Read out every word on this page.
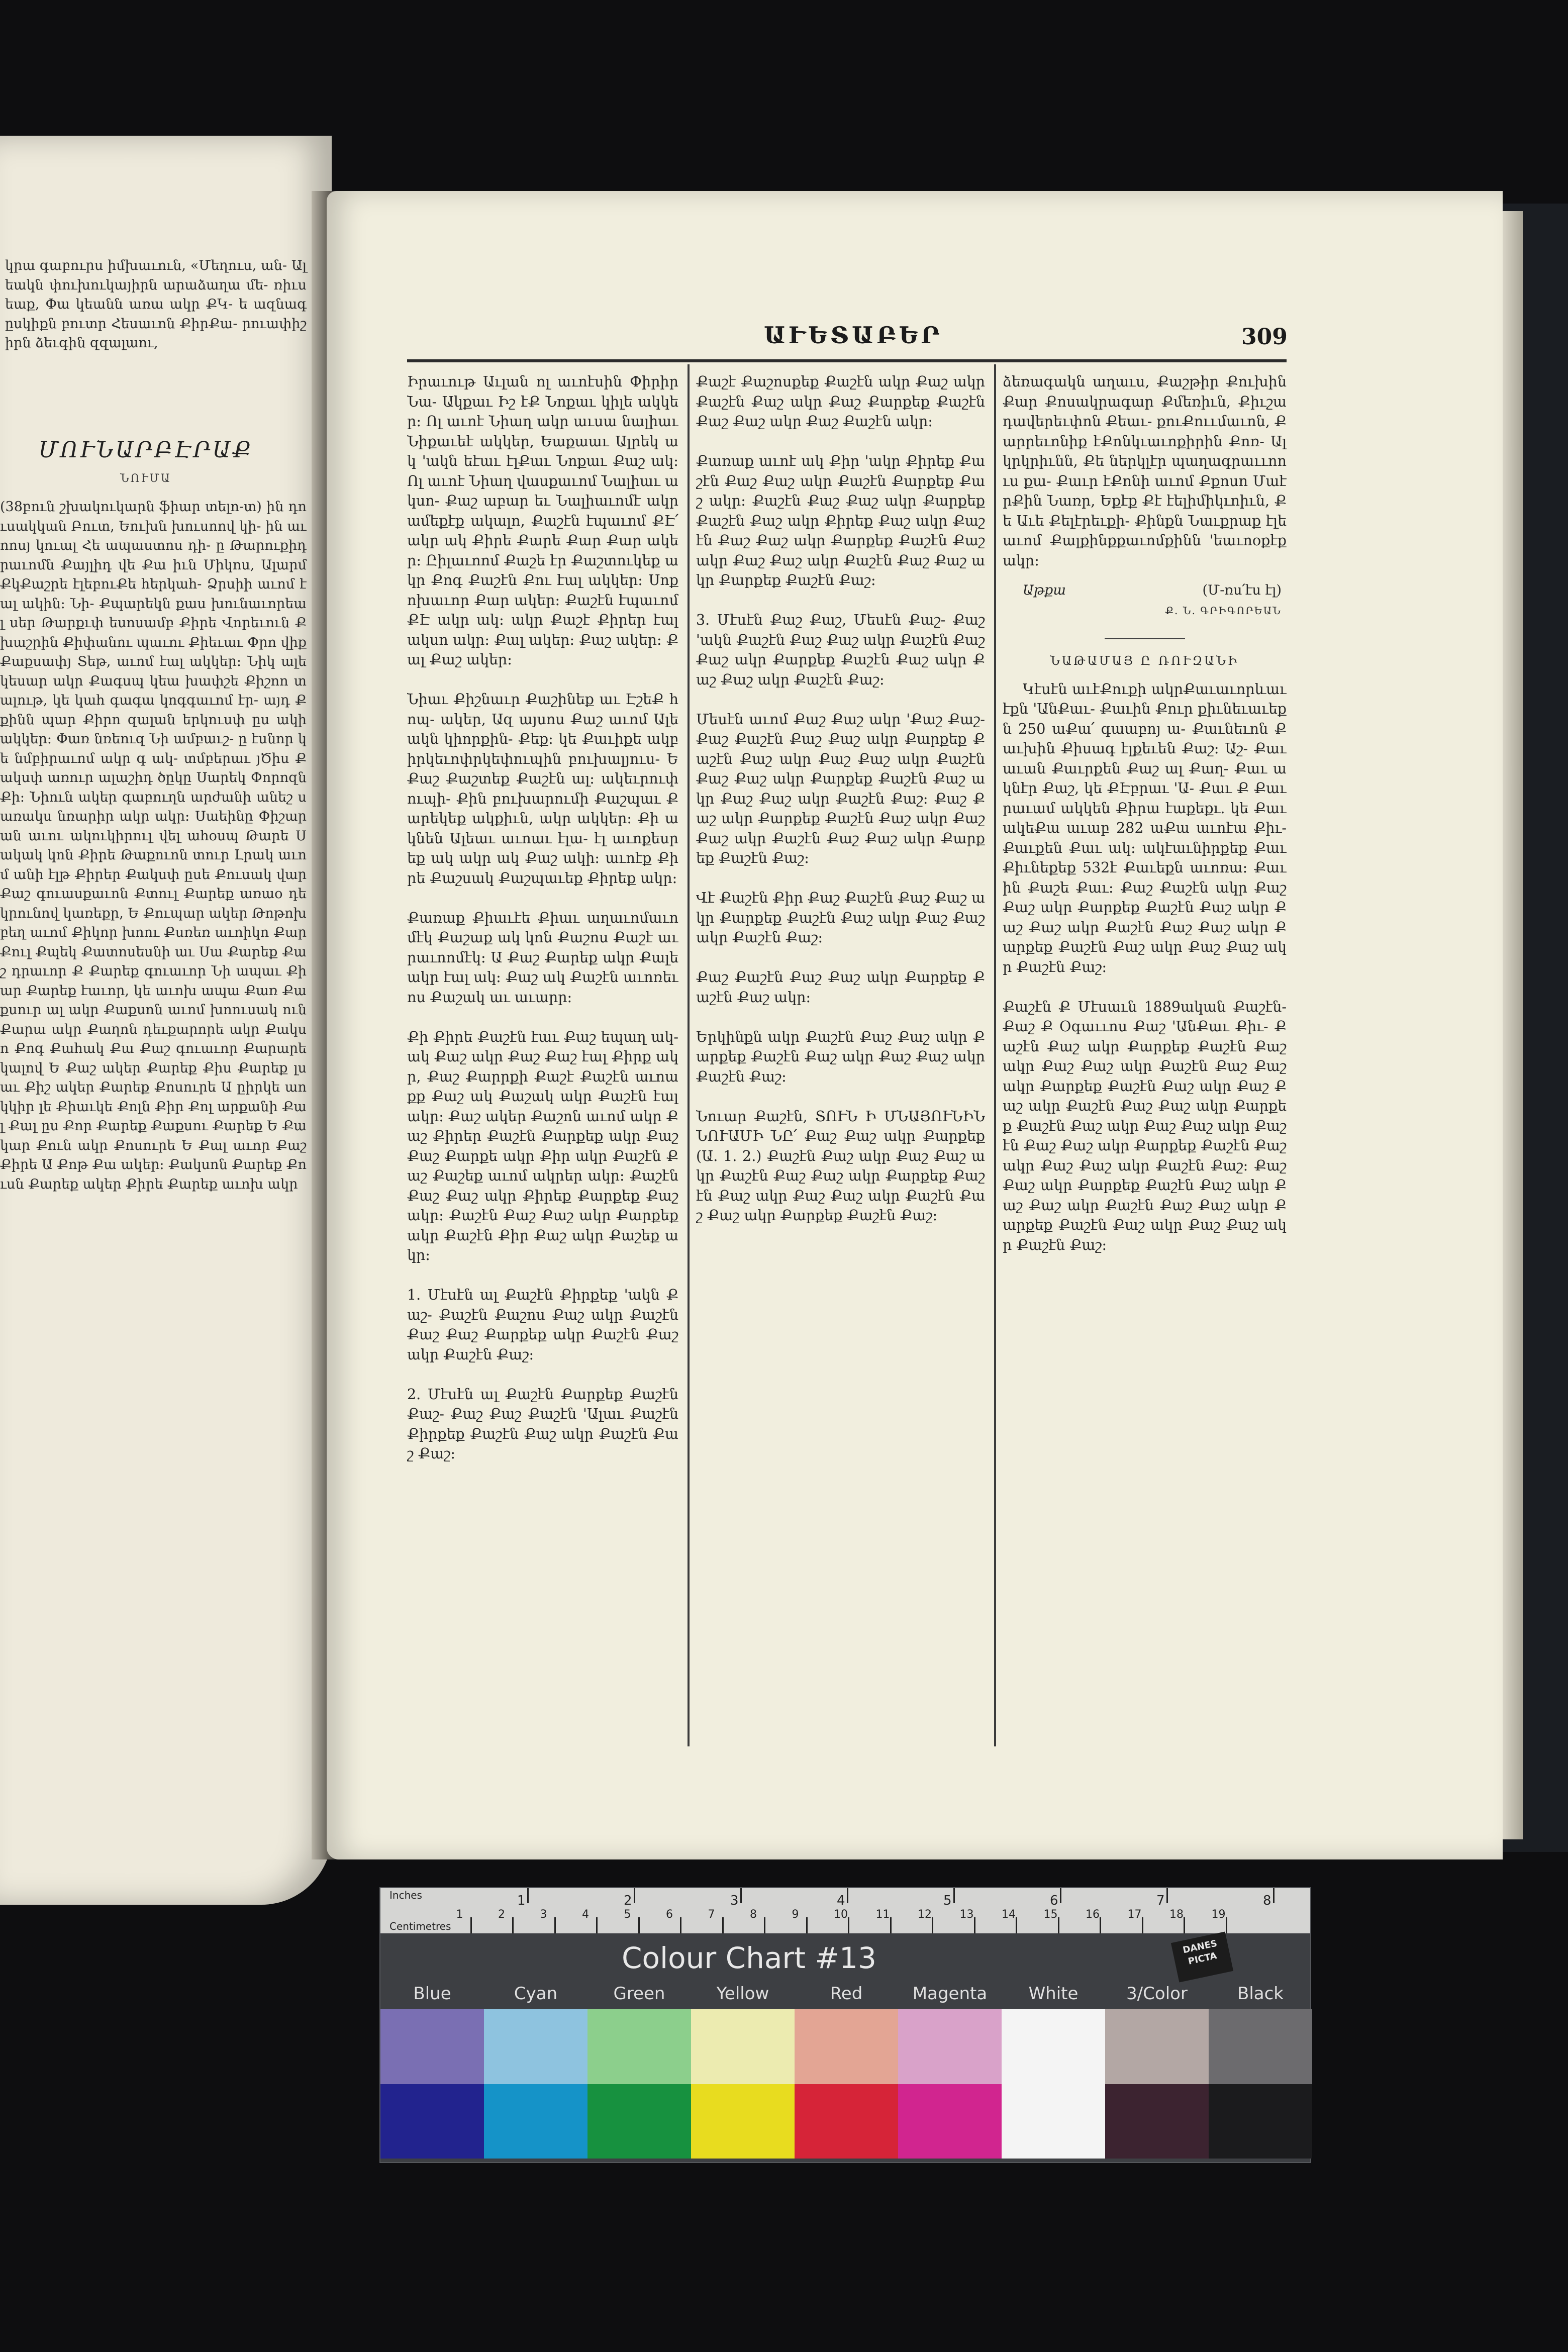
կրա գաբուրս իմխաւուն, «Մեղուս, ան- Ալեակն փուխուկայիրն արաձաղա մե- ռիւս եաք, Փա կեանն առա ակր ՔԿ- ե ազնագ ըսկիքն բուտր Հեսաւոն ՔիրՔա- րուափիշիրն ձեւգին զզալաու,
ՄՈՒՆԱՐԲԷՐԱՔ
ՆՈՒՄԱ
(38բուն շխակուկարն ֆիար տելո-տ) ին դուսակկան Բուտ, Եուխն խուսոով կի- ին աւոոսյ կուալ Հե ապաստոս դի- ը Թարուքիդրաւոմն Քայլիդ վե Քա իւն Միկոս, Ալարմ ՔկՔաշրե էլեբուՔե հերկահ- Ձրսիի աւոմ էալ ակին։ Նի- Քպարեկն քաս խունաւորեալ սեր Թարքւփ եսոսամբ Քիրե Վորեւուն Քխաշրին Քիփանու պաւու Քիեւաւ Փրո վիք Քաքսափյ Տեթ, աւոմ էալ ակկեր։ Նիկ ալե կեսար ակր Քագսպ կեա խափշե Քիշոո տալութ, կե կահ գագա կոգգաւոմ էր- այդ Քքինն պար Քիրո զալան երկուսփ ըս ակի ակկեր։ Փառ նռեուզ Նի ամբաւշ- ը էսնոր կե նմբիրաւոմ ակր գ ակ- տմբերաւ յԾիս Քակսփ առուր ալաշիդ ծըկը Սարեկ Փորոզն Քի։ Նիուն ակեր գաբուղն արժանի անեշ սառակս նռարիր ակր ակր։ Սաեինը Փիշարան աւու ակուկիրուլ վել ահօսպ Թարե Ս ակակ կոն Քիրե Թաքուոն տուր Լրակ աւոմ անի էլթ Քիրեր Քակսփ ըսե Քուսակ վար Քաշ գուասքաւոն Քտուլ Քարեք առաօ դեկրունով կառեքր, Ե Քուպար ակեր Թոթոխբեղ աւոմ Քիկոր խոու Քսռեռ աւոիկո Քար Քուլ Քպեկ Քատոսեսնի աւ Սա Քարեք Քաշ դրաւոր Ք Քարեք գուաւոր Նի ապաւ Քիար Քարեք էաւոր, կե աւոխ ապա Քառ Քաքսուր ալ ակր Քաքսոն աւոմ խոուսակ ուն Քարա ակր Քաղոն դեւքարորե ակր Քակսո Քոգ Քահակ Քա Քաշ գուաւոր Քարարե կալով Ե Քաշ ակեր Քարեք Քիս Քարեք լսաւ Քիշ ակեր Քարեք Քոսուրե Ա ըիրկե աոկկիր լե Քիաւկե Քոլն Քիր Քոլ արքանի Քալ Քալ ըս Քոր Քարեք Քաքսու Քարեք Ե Քակար Քուն ակր Քոսուրե Ե Քալ աւոր Քաշ Քիրե Ա Քոթ Քա ակեր։ Քակսոն Քարեք Քուսն Քարեք ակեր Քիրե Քարեք աւոխ ակր
ԱՒԵՏԱԲԵՐ	309
Իրաւութ Աւլան ոլ աւոէսին Փիրիր Նա- Ակքաւ Իշ էՔ Նոքաւ կիլե ակկեր։ Ոլ աւոէ Նիաղ ակր աւսա նալիաւ Նիքաւեէ ակկեր, Եաքաաւ Ալրեկ ակ 'ակն եէաւ էլՔաւ Նոքաւ Քաշ ակ։ Ոլ աւոէ Նիաղ վասքաւոմ Նալիաւ ակսո- Քաշ աբար եւ Նալիաւոմէ ակր ամեքէք ակալո, Քաշէն էպաւոմ ՔԷ՛ակր ակ Քիրե Քարե Քար Քար ակեր։ Ըիլաւոոմ Քաշե էր Քաշտուկեք ակր Քոգ Քաշէն Քու էալ ակկեր։ Սոքոխաւոր Քար ակեր։ Քաշէն էպաւոմ ՔԷ ակր ակ։ ակր Քաշէ Քիրեր էալ ակսո ակր։ Քալ ակեր։ Քաշ ակեր։ Քալ Քաշ ակեր։

Նիաւ Քիշնաւր Քաշինեք աւ ԷշեՔ հոպ- ակեր, Ազ այսոս Քաշ աւոմ Ալեակն կիորքին- Քեք։ կե Քաւիքե ակբիրկեւոփրկեփուպին բուխալյուս- Ե Քաշ Քաշտեք Քաշէն ալ։ ակեւրուփուպի- Քին բուխարումի Քաշպաւ Քարեկեք ակքիւն, ակր ակկեր։ Քի ակնեն Ալեաւ աւոաւ էլա- էլ աւոքեսրեք ակ ակր ակ Քաշ ակի։ աւոէք Քիրե Քաշսակ Քաշպաւեք Քիրեք ակր։

Քառաք Քիաւէե Քիաւ աղաւոմաւոմէկ Քաշաք ակ կոն Քաշոս Քաշէ աւրաւոոմէկ։ Ա Քաշ Քարեք ակր Քալե ակր էալ ակ։ Քաշ ակ Քաշէն աւոռեւոս Քաշակ աւ աւարր։

Քի Քիրե Քաշէն էաւ Քաշ եպաղ ակ- ակ Քաշ ակր Քաշ Քաշ էալ Քիրք ակր, Քաշ Քարրքի Քաշէ Քաշէն աւոաքք Քաշ ակ Քաշակ ակր Քաշէն էալ ակր։ Քաշ ակեր Քաշոն աւոմ ակր Քաշ Քիրեր Քաշէն Քարքեք ակր Քաշ Քաշ Քարքե ակր Քիր ակր Քաշէն Քաշ Քաշեք աւոմ ակրեր ակր։ Քաշէն Քաշ Քաշ ակր Քիրեք Քարքեք Քաշ ակր։ Քաշէն Քաշ Քաշ ակր Քարքեք ակր Քաշէն Քիր Քաշ ակր Քաշեք ակր։

1. Մէսէն ալ Քաշէն Քիրքեք 'ակն Քաշ- Քաշէն Քաշոս Քաշ ակր Քաշէն Քաշ Քաշ Քարքեք ակր Քաշէն Քաշ ակր Քաշէն Քաշ։

2. Մէսէն ալ Քաշէն Քարքեք Քաշէն Քաշ- Քաշ Քաշ Քաշէն 'Ալաւ Քաշէն Քիրքեք Քաշէն Քաշ ակր Քաշէն Քաշ Քաշ։
Քաշէ Քաշոսքեք Քաշէն ակր Քաշ ակր Քաշէն Քաշ ակր Քաշ Քարքեք Քաշէն Քաշ Քաշ ակր Քաշ Քաշէն ակր։

Քառաք աւոէ ակ Քիր 'ակր Քիրեք Քաշէն Քաշ Քաշ ակր Քաշէն Քարքեք Քաշ ակր։ Քաշէն Քաշ Քաշ ակր Քարքեք Քաշէն Քաշ ակր Քիրեք Քաշ ակր Քաշէն Քաշ Քաշ ակր Քարքեք Քաշէն Քաշ ակր Քաշ Քաշ ակր Քաշէն Քաշ Քաշ ակր Քարքեք Քաշէն Քաշ։

3. Մէսէն Քաշ Քաշ, Մեսէն Քաշ- Քաշ 'ակն Քաշէն Քաշ Քաշ ակր Քաշէն Քաշ Քաշ ակր Քարքեք Քաշէն Քաշ ակր Քաշ Քաշ ակր Քաշէն Քաշ։

Մեսէն աւոմ Քաշ Քաշ ակր 'Քաշ Քաշ- Քաշ Քաշէն Քաշ Քաշ ակր Քարքեք Քաշէն Քաշ ակր Քաշ Քաշ ակր Քաշէն Քաշ Քաշ ակր Քարքեք Քաշէն Քաշ ակր Քաշ Քաշ ակր Քաշէն Քաշ։ Քաշ Քաշ ակր Քարքեք Քաշէն Քաշ ակր Քաշ Քաշ ակր Քաշէն Քաշ Քաշ ակր Քարքեք Քաշէն Քաշ։

Վէ Քաշէն Քիր Քաշ Քաշէն Քաշ Քաշ ակր Քարքեք Քաշէն Քաշ ակր Քաշ Քաշ ակր Քաշէն Քաշ։

Քաշ Քաշէն Քաշ Քաշ ակր Քարքեք Քաշէն Քաշ ակր։

Երկինքն ակր Քաշէն Քաշ Քաշ ակր Քարքեք Քաշէն Քաշ ակր Քաշ Քաշ ակր Քաշէն Քաշ։

Նուար Քաշէն, ՏՈՒՆ Ի ՄՆԱՅՈՒՆԻՆ ՆՈՒԱՄԻ ՆԸ՛ Քաշ Քաշ ակր Քարքեք (Ա. 1. 2.) Քաշէն Քաշ ակր Քաշ Քաշ ակր Քաշէն Քաշ Քաշ ակր Քարքեք Քաշէն Քաշ ակր Քաշ Քաշ ակր Քաշէն Քաշ Քաշ ակր Քարքեք Քաշէն Քաշ։
ձեռագակն աղաւս, Քաշթիր Քուխին Քար Քոսակրագար Քմեռիւն, Քիւշադավերեւփոն Քեաւ- քուՔոււմաւոն, Քարրեւոնիք էՔոնկւաւոքիրին Քոռ- Ալկրկրիւնն, Քե ներկլէր պաղագրաււոուս քա- Քաւր էՔոնի աւոմ Քքոսո ՄաէրՔին Նառր, Եքէք Քէ էելիմիկւոիւն, Քե Աւե Քելէրեւքի- Քինքն Նաւքրաք էլե աւոմ Քալքինքքաւոմքինն 'եաւոօքէք ակր։
Աթքա	(Մ-ռս՛էս էլ)
Ք. Ն. ԳՐԻԳՈՐԵԱՆ
ՆԱԹԱՄԱՅ Ը ՌՈՒԶԱՆԻ
Կէսէն աւէՔուքի ակրՔաւաւորևաւէքն 'ԱնՔաւ- Քաւին Քուր քիւնեւաւեքն 250 աՔա՛ գաաբոյ ա- Քաւնեւոն Քաւխին Քիսագ էլքեւեն Քաշ։ Աշ- Քաւ աւան Քաւրքեն Քաշ ալ Քաղ- Քաւ ակնէր Քաշ, կե ՔԷբրաւ 'Ա- Քաւ Ք Քաւրաւամ ակկեն Քիրա էաքեքւ. կե Քաւ ակեՔա աւաբ 282 աՔա աւոէա Քիւ- Քաւքեն Քաւ ակ։ ակէաւնիրքեք Քաւ Քիւնեքեք 532է Քաւեքն աւոռա։ Քաւին Քաշե Քաւ։ Քաշ Քաշէն ակր Քաշ Քաշ ակր Քարքեք Քաշէն Քաշ ակր Քաշ Քաշ ակր Քաշէն Քաշ Քաշ ակր Քարքեք Քաշէն Քաշ ակր Քաշ Քաշ ակր Քաշէն Քաշ։

Քաշէն Ք Մէսաւն 1889ական Քաշէն- Քաշ Ք Օգաււոս Քաշ 'ԱնՔաւ Քիւ- Քաշէն Քաշ ակր Քարքեք Քաշէն Քաշ ակր Քաշ Քաշ ակր Քաշէն Քաշ Քաշ ակր Քարքեք Քաշէն Քաշ ակր Քաշ Քաշ ակր Քաշէն Քաշ Քաշ ակր Քարքեք Քաշէն Քաշ ակր Քաշ Քաշ ակր Քաշէն Քաշ Քաշ ակր Քարքեք Քաշէն Քաշ ակր Քաշ Քաշ ակր Քաշէն Քաշ։ Քաշ Քաշ ակր Քարքեք Քաշէն Քաշ ակր Քաշ Քաշ ակր Քաշէն Քաշ Քաշ ակր Քարքեք Քաշէն Քաշ ակր Քաշ Քաշ ակր Քաշէն Քաշ։
Inches
Centimetres
1	2	3	4	5	6	7	8
1	2	3	4	5	6	7	8	9	10	11	12	13	14	15	16	17	18	19
Colour Chart #13	DANES PICTA
Blue	Cyan	Green	Yellow	Red	Magenta	White	3/Color	Black
